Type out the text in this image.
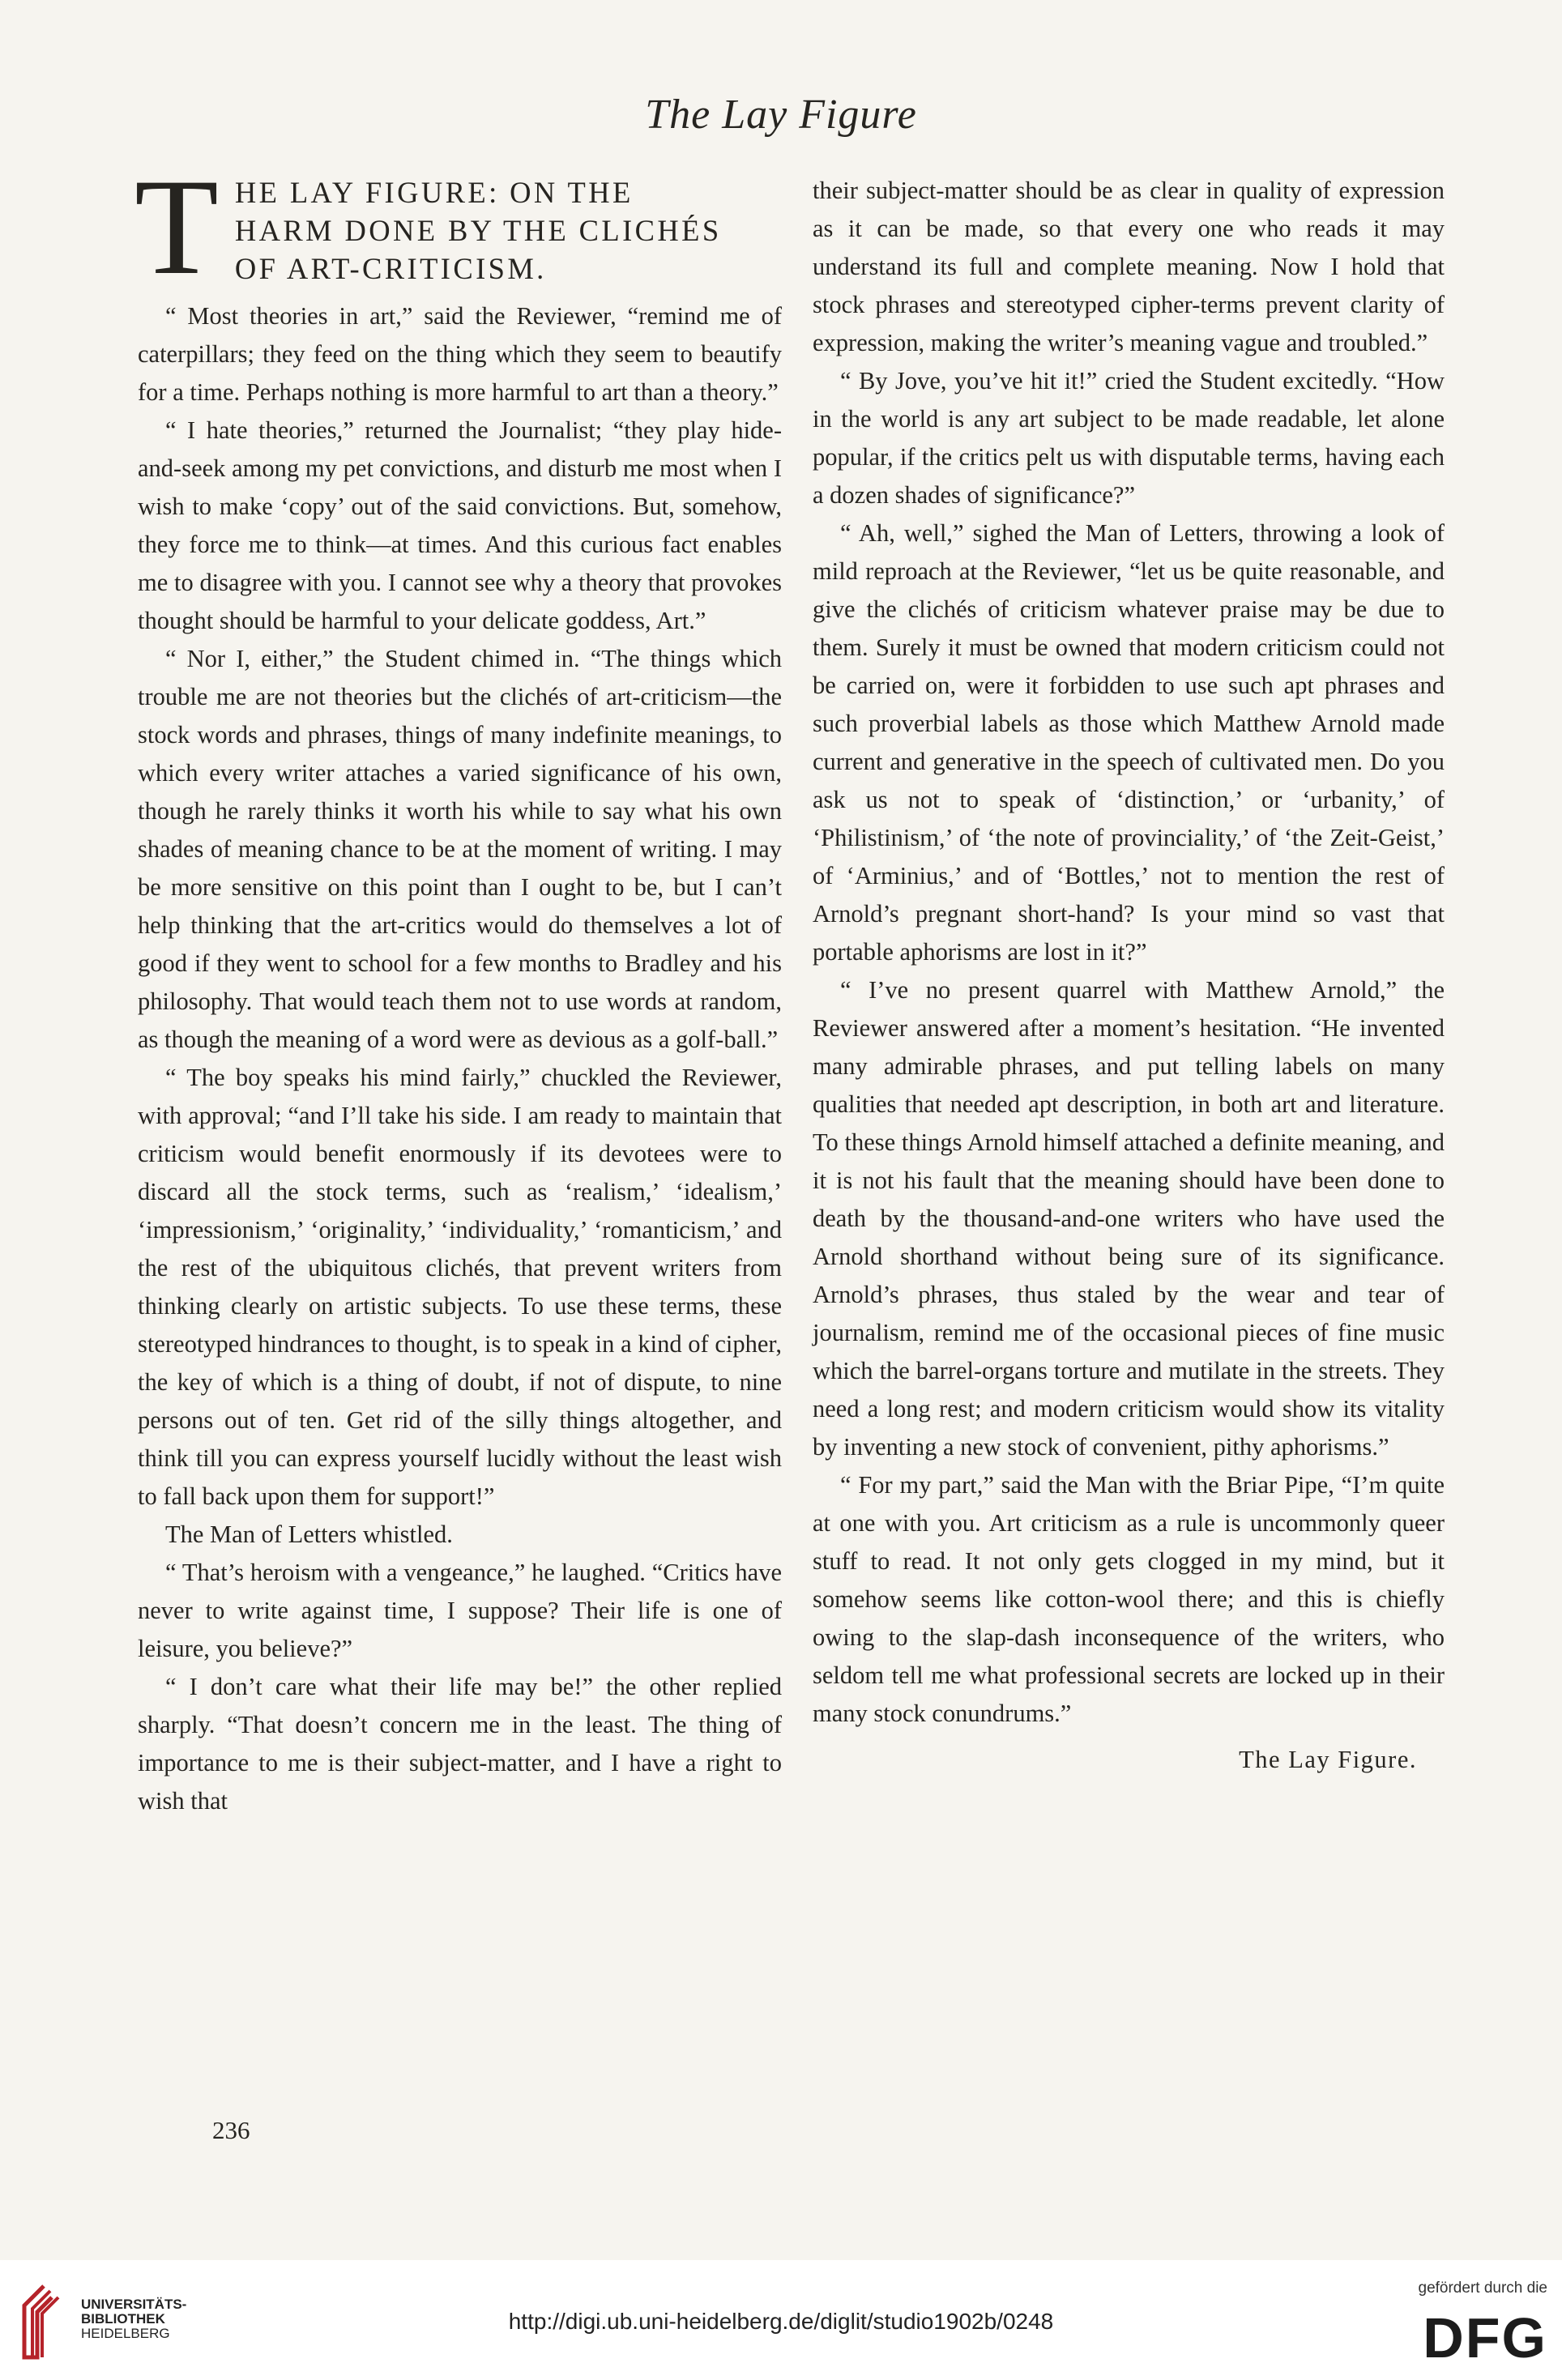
The Lay Figure
T HE LAY FIGURE: ON THE
HARM DONE BY THE CLICHÉS
OF ART-CRITICISM.

“ Most theories in art,” said the Reviewer, “remind me of caterpillars; they feed on the thing which they seem to beautify for a time. Perhaps nothing is more harmful to art than a theory.”

“ I hate theories,” returned the Journalist; “they play hide-and-seek among my pet convictions, and disturb me most when I wish to make ‘copy’ out of the said convictions. But, somehow, they force me to think—at times. And this curious fact enables me to disagree with you. I cannot see why a theory that provokes thought should be harmful to your delicate goddess, Art.”

“ Nor I, either,” the Student chimed in. “The things which trouble me are not theories but the clichés of art-criticism—the stock words and phrases, things of many indefinite meanings, to which every writer attaches a varied significance of his own, though he rarely thinks it worth his while to say what his own shades of meaning chance to be at the moment of writing. I may be more sensitive on this point than I ought to be, but I can’t help thinking that the art-critics would do themselves a lot of good if they went to school for a few months to Bradley and his philosophy. That would teach them not to use words at random, as though the meaning of a word were as devious as a golf-ball.”

“ The boy speaks his mind fairly,” chuckled the Reviewer, with approval; “and I’ll take his side. I am ready to maintain that criticism would benefit enormously if its devotees were to discard all the stock terms, such as ‘realism,’ ‘idealism,’ ‘impressionism,’ ‘originality,’ ‘individuality,’ ‘romanticism,’ and the rest of the ubiquitous clichés, that prevent writers from thinking clearly on artistic subjects. To use these terms, these stereotyped hindrances to thought, is to speak in a kind of cipher, the key of which is a thing of doubt, if not of dispute, to nine persons out of ten. Get rid of the silly things altogether, and think till you can express yourself lucidly without the least wish to fall back upon them for support!”

The Man of Letters whistled.

“ That’s heroism with a vengeance,” he laughed. “Critics have never to write against time, I suppose? Their life is one of leisure, you believe?”

“ I don’t care what their life may be!” the other replied sharply. “That doesn’t concern me in the least. The thing of importance to me is their subject-matter, and I have a right to wish that

their subject-matter should be as clear in quality of expression as it can be made, so that every one who reads it may understand its full and complete meaning. Now I hold that stock phrases and stereotyped cipher-terms prevent clarity of expression, making the writer’s meaning vague and troubled.”

“ By Jove, you’ve hit it!” cried the Student excitedly. “How in the world is any art subject to be made readable, let alone popular, if the critics pelt us with disputable terms, having each a dozen shades of significance?”

“ Ah, well,” sighed the Man of Letters, throwing a look of mild reproach at the Reviewer, “let us be quite reasonable, and give the clichés of criticism whatever praise may be due to them. Surely it must be owned that modern criticism could not be carried on, were it forbidden to use such apt phrases and such proverbial labels as those which Matthew Arnold made current and generative in the speech of cultivated men. Do you ask us not to speak of ‘distinction,’ or ‘urbanity,’ of ‘Philistinism,’ of ‘the note of provinciality,’ of ‘the Zeit-Geist,’ of ‘Arminius,’ and of ‘Bottles,’ not to mention the rest of Arnold’s pregnant short-hand? Is your mind so vast that portable aphorisms are lost in it?”

“ I’ve no present quarrel with Matthew Arnold,” the Reviewer answered after a moment’s hesitation. “He invented many admirable phrases, and put telling labels on many qualities that needed apt description, in both art and literature. To these things Arnold himself attached a definite meaning, and it is not his fault that the meaning should have been done to death by the thousand-and-one writers who have used the Arnold shorthand without being sure of its significance. Arnold’s phrases, thus staled by the wear and tear of journalism, remind me of the occasional pieces of fine music which the barrel-organs torture and mutilate in the streets. They need a long rest; and modern criticism would show its vitality by inventing a new stock of convenient, pithy aphorisms.”

“ For my part,” said the Man with the Briar Pipe, “I’m quite at one with you. Art criticism as a rule is uncommonly queer stuff to read. It not only gets clogged in my mind, but it somehow seems like cotton-wool there; and this is chiefly owing to the slap-dash inconsequence of the writers, who seldom tell me what professional secrets are locked up in their many stock conundrums.”

The Lay Figure.
236
UNIVERSITÄTS-
BIBLIOTHEK
HEIDELBERG	http://digi.ub.uni-heidelberg.de/diglit/studio1902b/0248
gefördert durch die
DFG
